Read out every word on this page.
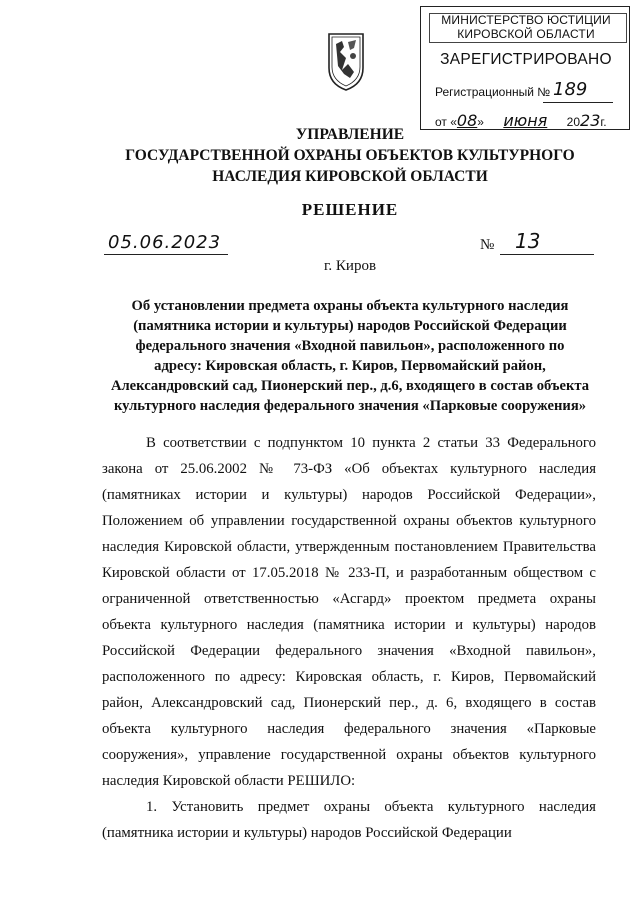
МИНИСТЕРСТВО ЮСТИЦИИ
КИРОВСКОЙ ОБЛАСТИ
ЗАРЕГИСТРИРОВАНО
Регистрационный № 189
от «08» июня 2023г.
УПРАВЛЕНИЕ
ГОСУДАРСТВЕННОЙ ОХРАНЫ ОБЪЕКТОВ КУЛЬТУРНОГО
НАСЛЕДИЯ КИРОВСКОЙ ОБЛАСТИ
РЕШЕНИЕ
05.06.2023	№ 13
г. Киров
Об установлении предмета охраны объекта культурного наследия
(памятника истории и культуры) народов Российской Федерации
федерального значения «Входной павильон», расположенного по
адресу: Кировская область, г. Киров, Первомайский район,
Александровский сад, Пионерский пер., д.6, входящего в состав объекта
культурного наследия федерального значения «Парковые сооружения»

В соответствии с подпунктом 10 пункта 2 статьи 33 Федерального закона от 25.06.2002 № 73-ФЗ «Об объектах культурного наследия (памятниках истории и культуры) народов Российской Федерации», Положением об управлении государственной охраны объектов культурного наследия Кировской области, утвержденным постановлением Правительства Кировской области от 17.05.2018 № 233-П, и разработанным обществом с ограниченной ответственностью «Асгард» проектом предмета охраны объекта культурного наследия (памятника истории и культуры) народов Российской Федерации федерального значения «Входной павильон», расположенного по адресу: Кировская область, г. Киров, Первомайский район, Александровский сад, Пионерский пер., д. 6, входящего в состав объекта культурного наследия федерального значения «Парковые сооружения», управление государственной охраны объектов культурного наследия Кировской области РЕШИЛО:

1. Установить предмет охраны объекта культурного наследия (памятника истории и культуры) народов Российской Федерации
